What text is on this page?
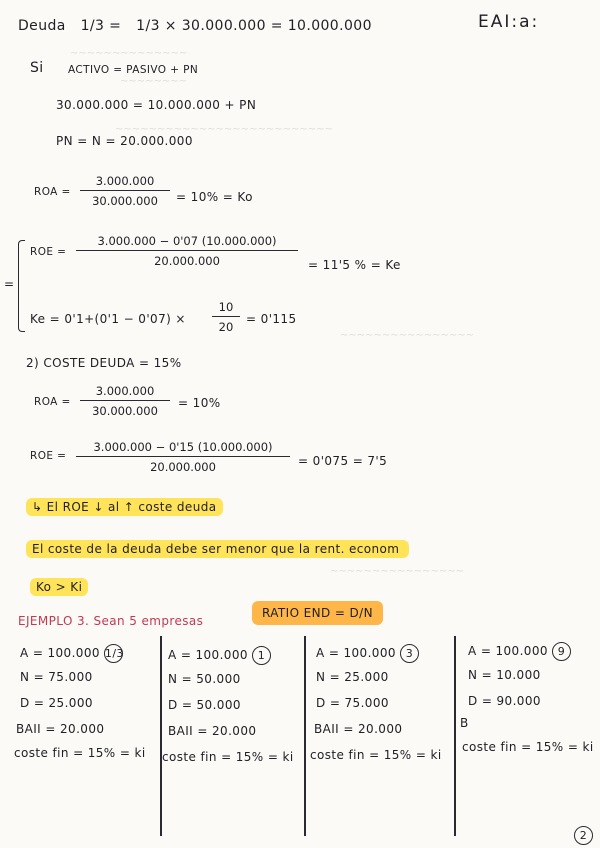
~~~~~~~~~~~~~~
~~~~~~~~
~~~~~~~~~~~~~~~~~~~~~~~~~~
~~~~~~~~~~~~~~~~
~~~~~~~~~~~~~~~~
Deuda 1/3 = 1/3 × 30.000.000 = 10.000.000	EAI:a:
Si ACTIVO = PASIVO + PN
30.000.000 = 10.000.000 + PN
PN = N = 20.000.000
ROA = $\frac{3.000.000}{30.000.000} = 10\% = Ko$
=
ROE = $\frac{3.000.000 - 0'07 (10.000.000)}{20.000.000} = 11'5$ % = Ke
$Ke = 0'1+(0'1 - 0'07) \times \frac{10}{20} = 0'115$
2) COSTE DEUDA = 15%
ROA = $\frac{3.000.000}{30.000.000} = 10\%$
ROE = $\frac{3.000.000 - 0'15 (10.000.000)}{20.000.000} = 0'075 = 7'5$
↳ El ROE ↓ al ↑ coste deuda
El coste de la deuda debe ser menor que la rent. econom
Ko > Ki
EJEMPLO 3. Sean 5 empresas
RATIO END = D/N
A = 100.000 1/3
N = 75.000
D = 25.000
BAII = 20.000
coste fin = 15% = ki
A = 100.000 1
N = 50.000
D = 50.000
BAII = 20.000
coste fin = 15% = ki
A = 100.000 3
N = 25.000
D = 75.000
BAII = 20.000
coste fin = 15% = ki
A = 100.000 9
N = 10.000
D = 90.000
B
coste fin = 15% = ki
2
